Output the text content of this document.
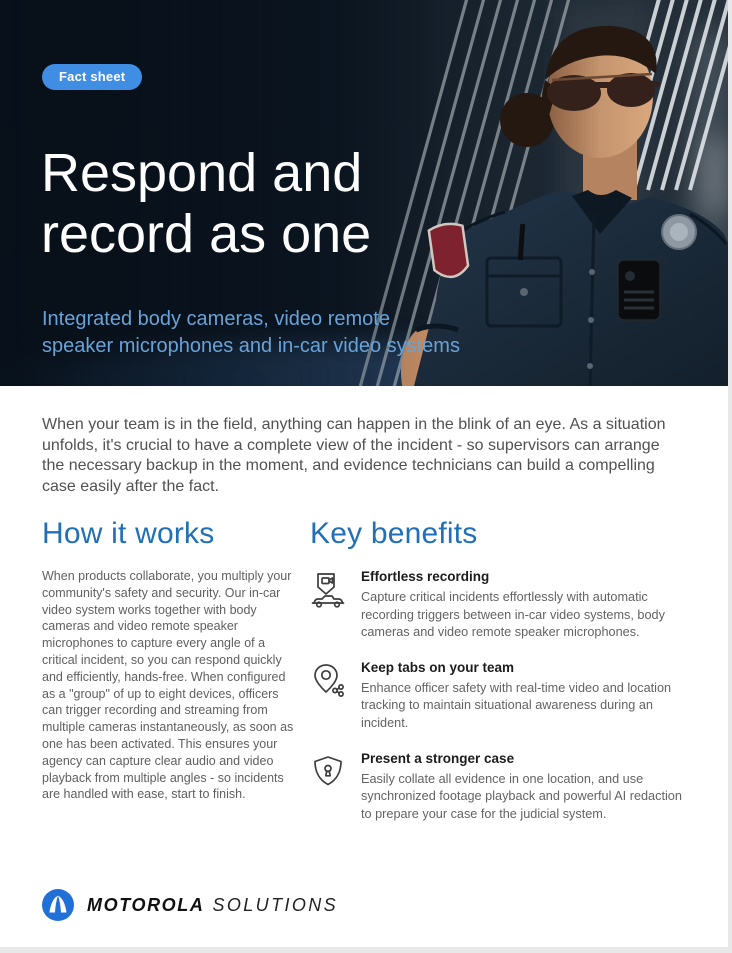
Fact sheet
Respond and
record as one
Integrated body cameras, video remote speaker microphones and in-car video systems

When your team is in the field, anything can happen in the blink of an eye. As a situation unfolds, it's crucial to have a complete view of the incident - so supervisors can arrange the necessary backup in the moment, and evidence technicians can build a compelling case easily after the fact.

How it works

When products collaborate, you multiply your community's safety and security. Our in-car video system works together with body cameras and video remote speaker microphones to capture every angle of a critical incident, so you can respond quickly and efficiently, hands-free. When configured as a "group" of up to eight devices, officers can trigger recording and streaming from multiple cameras instantaneously, as soon as one has been activated. This ensures your agency can capture clear audio and video playback from multiple angles - so incidents are handled with ease, start to finish.

Key benefits
Effortless recording

Capture critical incidents effortlessly with automatic recording triggers between in-car video systems, body cameras and video remote speaker microphones.

Keep tabs on your team

Enhance officer safety with real-time video and location tracking to maintain situational awareness during an incident.

Present a stronger case

Easily collate all evidence in one location, and use synchronized footage playback and powerful AI redaction to prepare your case for the judicial system.

MOTOROLA SOLUTIONS
